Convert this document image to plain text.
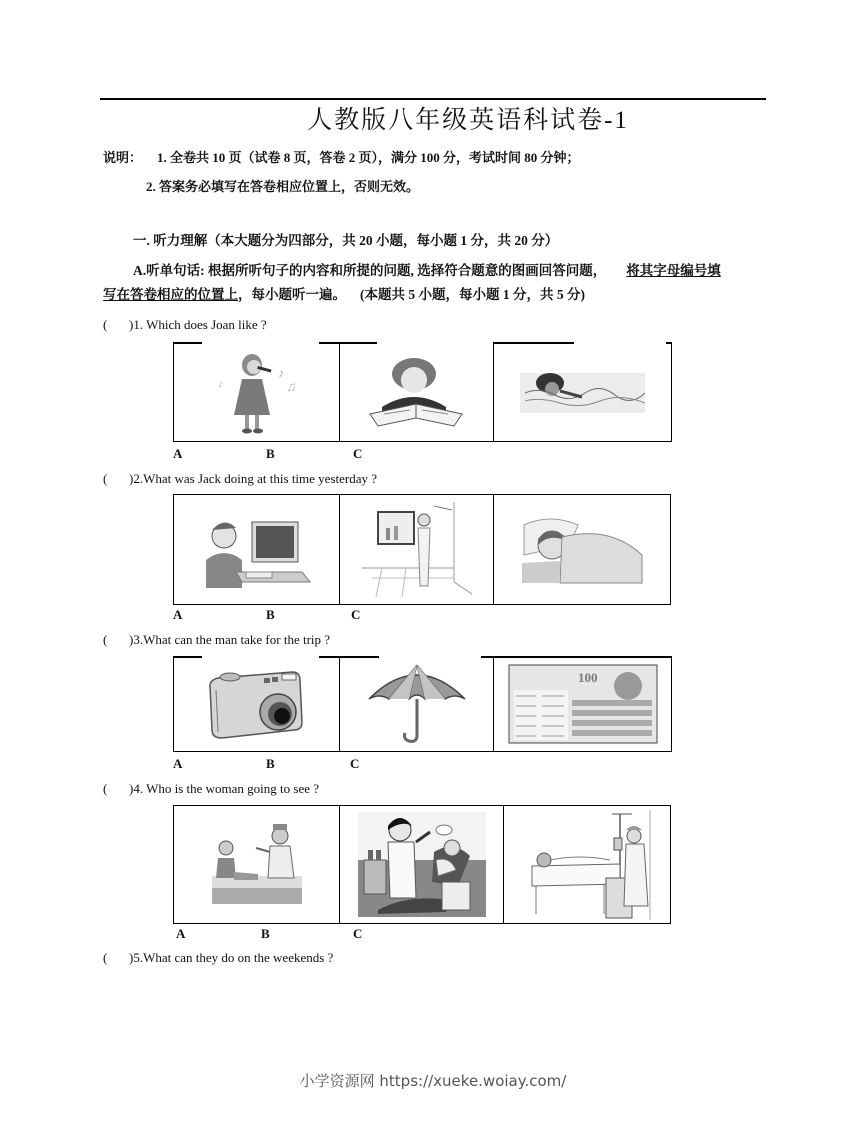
人教版八年级英语科试卷-1
说明： 1. 全卷共 10 页（试卷 8 页，答卷 2 页），满分 100 分，考试时间 80 分钟；
2. 答案务必填写在答卷相应位置上，否则无效。
一. 听力理解（本大题分为四部分，共 20 小题，每小题 1 分，共 20 分）
A.听单句话: 根据所听句子的内容和所提的问题, 选择符合题意的图画回答问题， 将其字母编号填
写在答卷相应的位置上，每小题听一遍。 (本题共 5 小题，每小题 1 分，共 5 分)
( )1. Which does Joan like ?
♪
♫
♪
A	B	C
( )2.What was Jack doing at this time yesterday ?
A	B	C
( )3.What can the man take for the trip ?
100
A	B	C
( )4. Who is the woman going to see ?
A	B	C
( )5.What can they do on the weekends ?
小学资源网 https://xueke.woiay.com/
